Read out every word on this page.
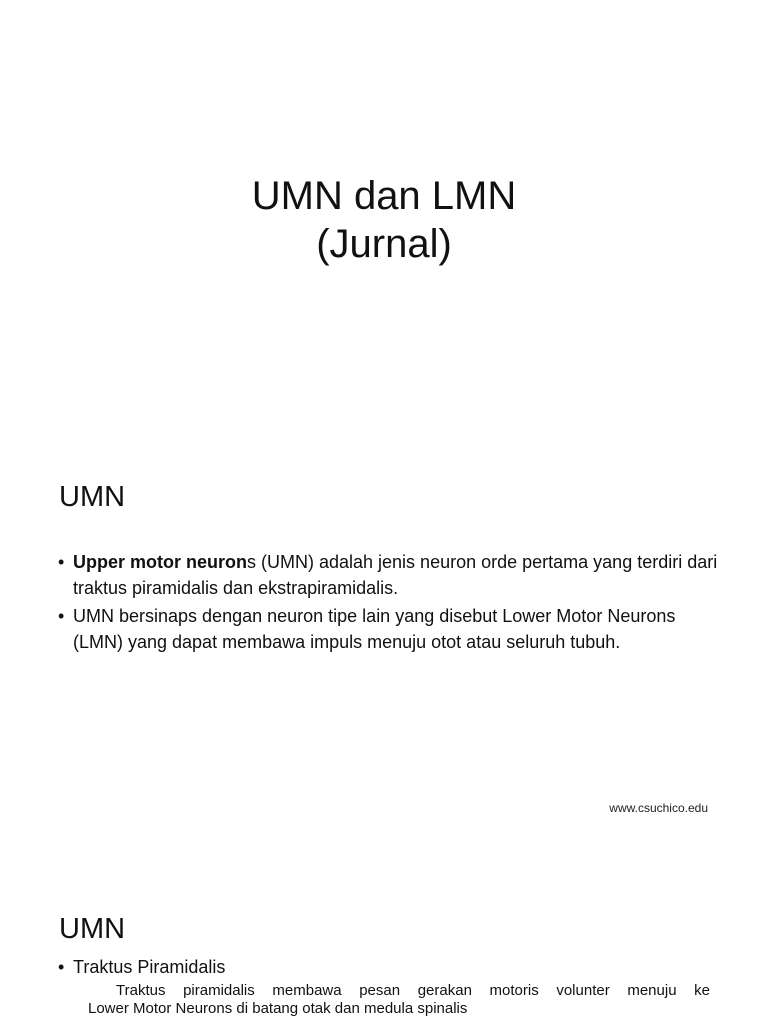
UMN dan LMN
(Jurnal)
UMN
• Upper motor neurons (UMN) adalah jenis neuron orde pertama yang terdiri dari traktus piramidalis dan ekstrapiramidalis.
• UMN bersinaps dengan neuron tipe lain yang disebut Lower Motor Neurons (LMN) yang dapat membawa impuls menuju otot atau seluruh tubuh.
www.csuchico.edu
UMN
• Traktus Piramidalis
Traktus piramidalis membawa pesan gerakan motoris volunter menuju ke
Lower Motor Neurons di batang otak dan medula spinalis
